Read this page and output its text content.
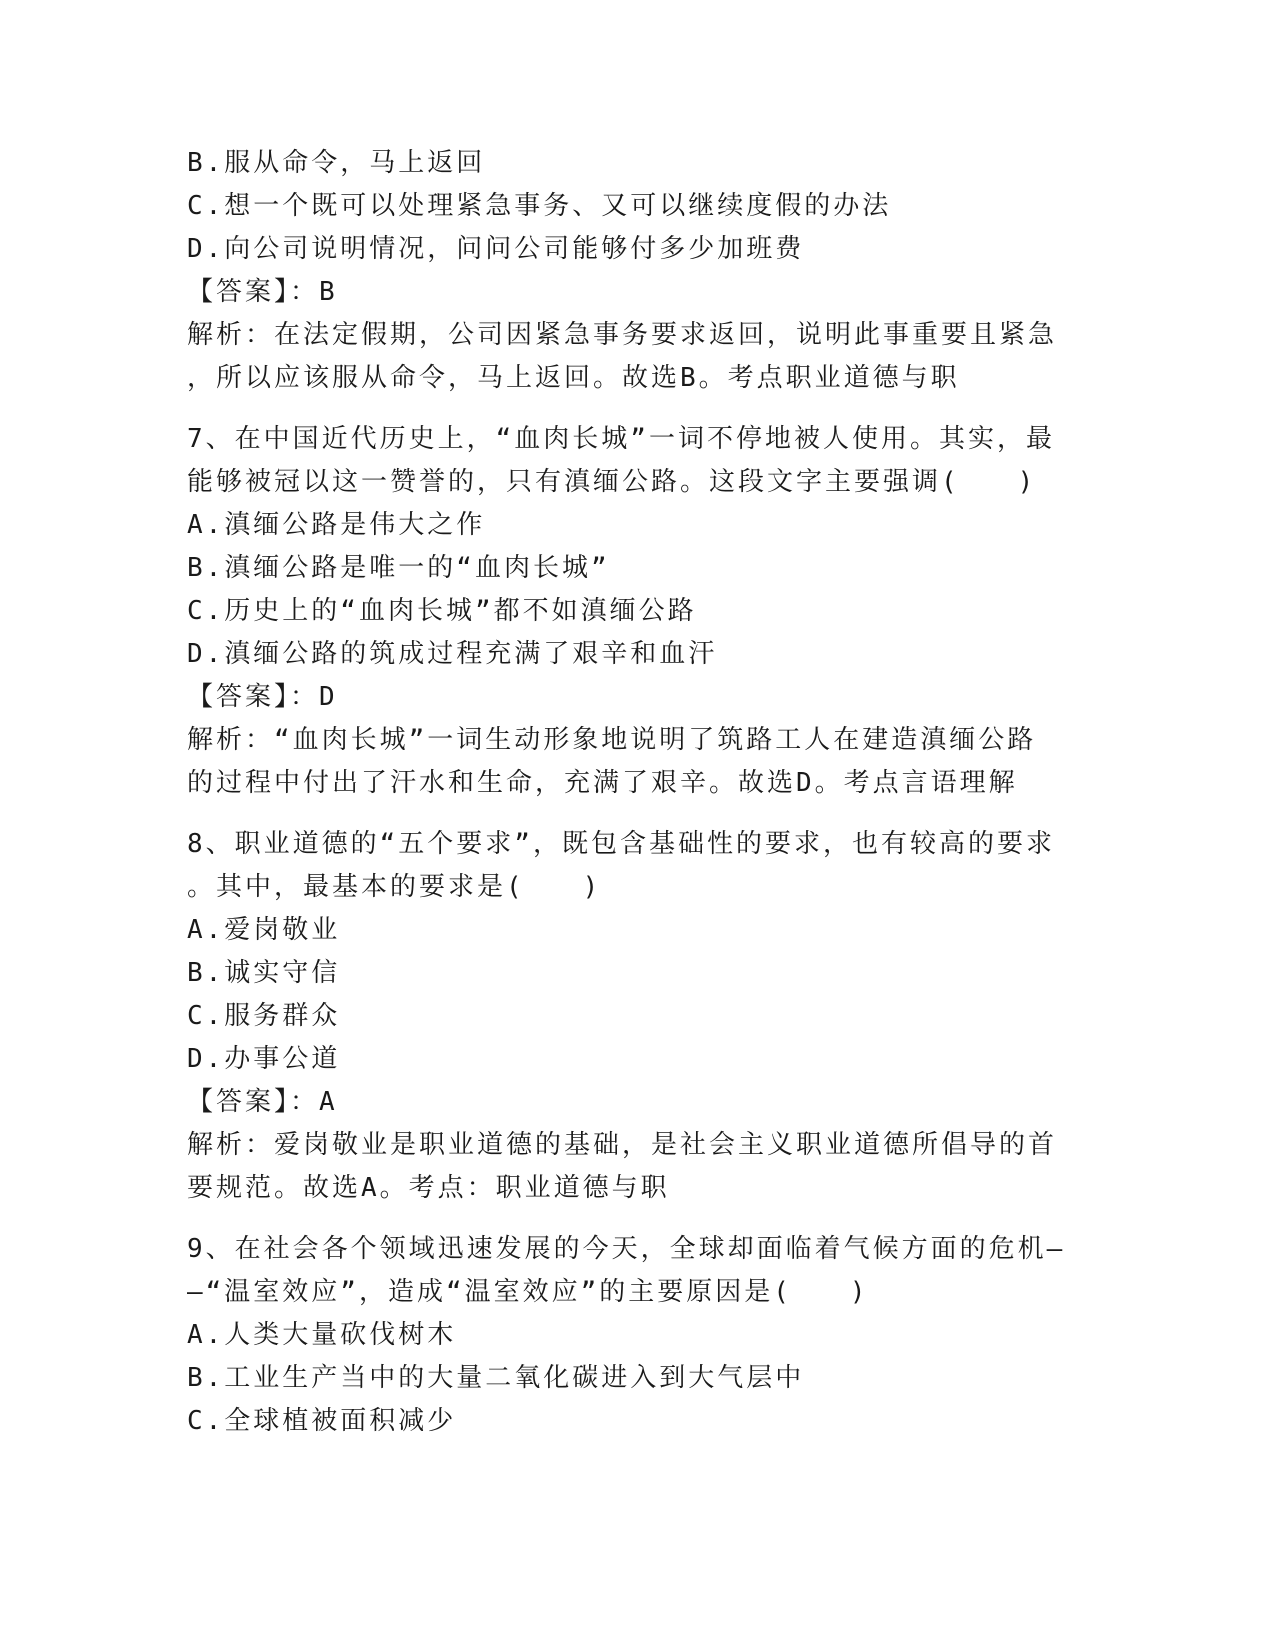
B.服从命令，马上返回
C.想一个既可以处理紧急事务、又可以继续度假的办法
D.向公司说明情况，问问公司能够付多少加班费
【答案】：B
解析：在法定假期，公司因紧急事务要求返回，说明此事重要且紧急
，所以应该服从命令，马上返回。故选B。考点职业道德与职
7、在中国近代历史上，“血肉长城”一词不停地被人使用。其实，最
能够被冠以这一赞誉的，只有滇缅公路。这段文字主要强调(　　)
A.滇缅公路是伟大之作
B.滇缅公路是唯一的“血肉长城”
C.历史上的“血肉长城”都不如滇缅公路
D.滇缅公路的筑成过程充满了艰辛和血汗
【答案】：D
解析：“血肉长城”一词生动形象地说明了筑路工人在建造滇缅公路
的过程中付出了汗水和生命，充满了艰辛。故选D。考点言语理解
8、职业道德的“五个要求”，既包含基础性的要求，也有较高的要求
。其中，最基本的要求是(　　)
A.爱岗敬业
B.诚实守信
C.服务群众
D.办事公道
【答案】：A
解析：爱岗敬业是职业道德的基础，是社会主义职业道德所倡导的首
要规范。故选A。考点：职业道德与职
9、在社会各个领域迅速发展的今天，全球却面临着气候方面的危机—
—“温室效应”，造成“温室效应”的主要原因是(　　)
A.人类大量砍伐树木
B.工业生产当中的大量二氧化碳进入到大气层中
C.全球植被面积减少
